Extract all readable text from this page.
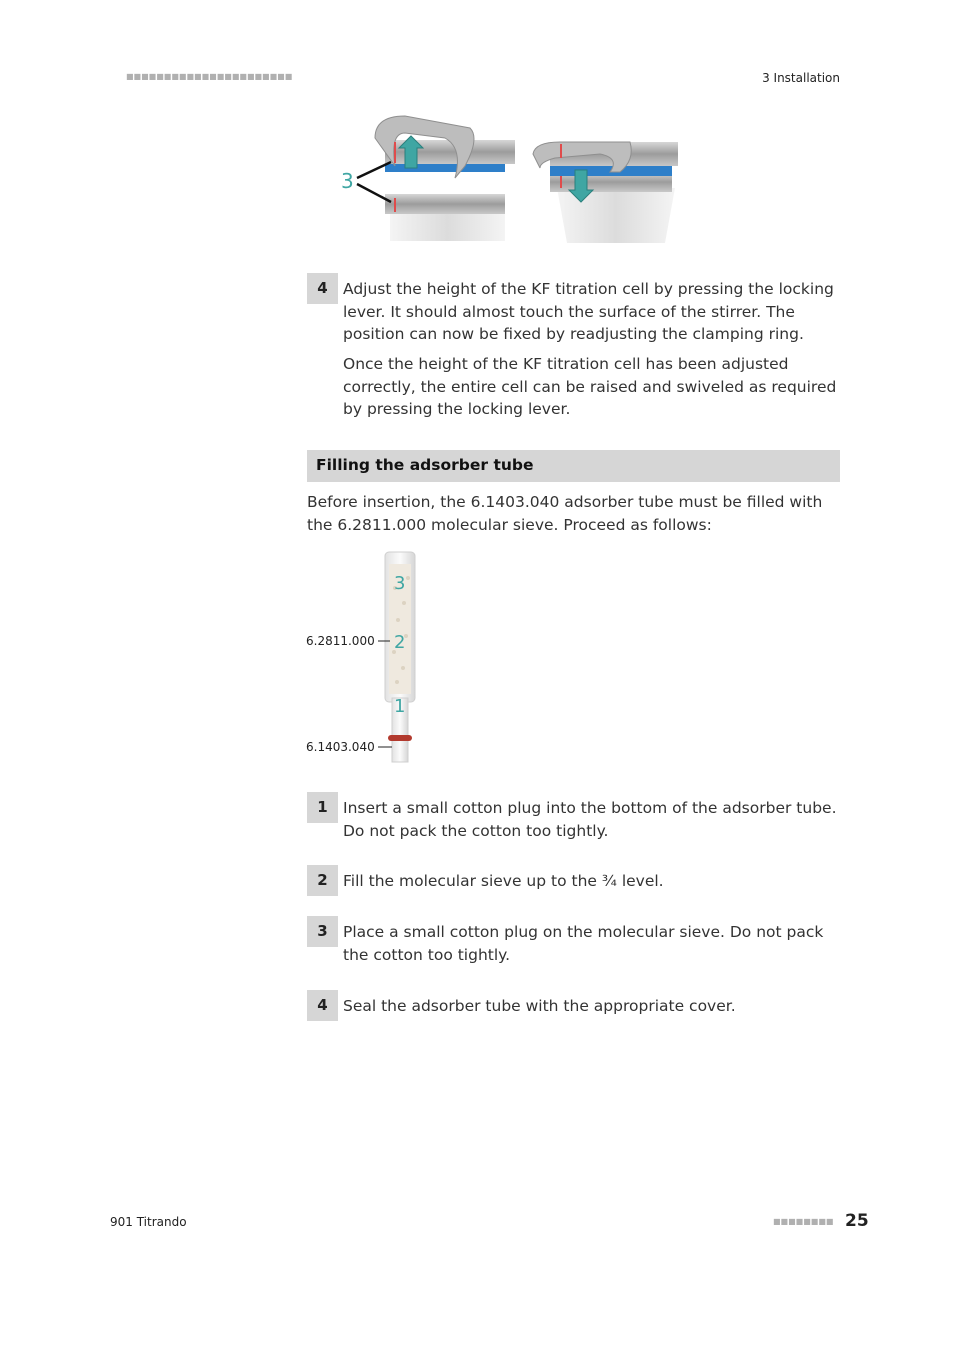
■■■■■■■■■■■■■■■■■■■■■■	3 Installation
3
4 Adjust the height of the KF titration cell by pressing the locking lever. It should almost touch the surface of the stirrer. The position can now be fixed by readjusting the clamping ring.
Once the height of the KF titration cell has been adjusted correctly, the entire cell can be raised and swiveled as required by pressing the locking lever.
Filling the adsorber tube
Before insertion, the 6.1403.040 adsorber tube must be filled with the 6.2811.000 molecular sieve. Proceed as follows:
3
2
1
6.2811.000
6.1403.040
1 Insert a small cotton plug into the bottom of the adsorber tube. Do not pack the cotton too tightly.
2 Fill the molecular sieve up to the ¾ level.
3 Place a small cotton plug on the molecular sieve. Do not pack the cotton too tightly.
4 Seal the adsorber tube with the appropriate cover.
901 Titrando	■■■■■■■■ 25
